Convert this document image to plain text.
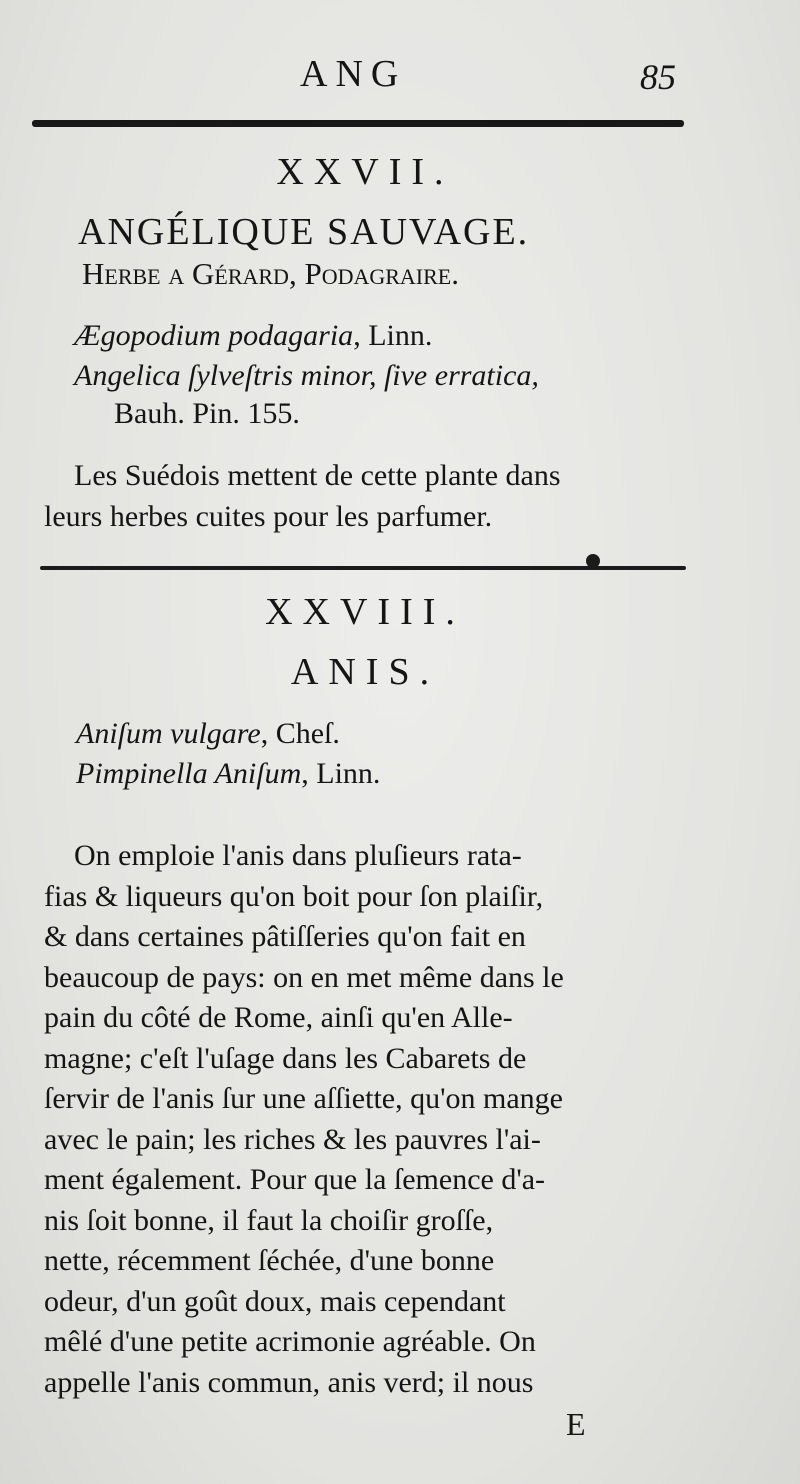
ANG	85
XXVII.
ANGÉLIQUE SAUVAGE.
Herbe a Gérard, Podagraire.
Ægopodium podagaria, Linn.
Angelica ſylveſtris minor, ſive erratica,
Bauh. Pin. 155.
Les Suédois mettent de cette plante dans
leurs herbes cuites pour les parfumer.
XXVIII.
ANIS.
Aniſum vulgare, Cheſ.
Pimpinella Aniſum, Linn.
On emploie l'anis dans pluſieurs rata-
fias & liqueurs qu'on boit pour ſon plaiſir,
& dans certaines pâtiſſeries qu'on fait en
beaucoup de pays: on en met même dans le
pain du côté de Rome, ainſi qu'en Alle-
magne; c'eſt l'uſage dans les Cabarets de
ſervir de l'anis ſur une aſſiette, qu'on mange
avec le pain; les riches & les pauvres l'ai-
ment également. Pour que la ſemence d'a-
nis ſoit bonne, il faut la choiſir groſſe,
nette, récemment ſéchée, d'une bonne
odeur, d'un goût doux, mais cependant
mêlé d'une petite acrimonie agréable. On
appelle l'anis commun, anis verd; il nous
E
